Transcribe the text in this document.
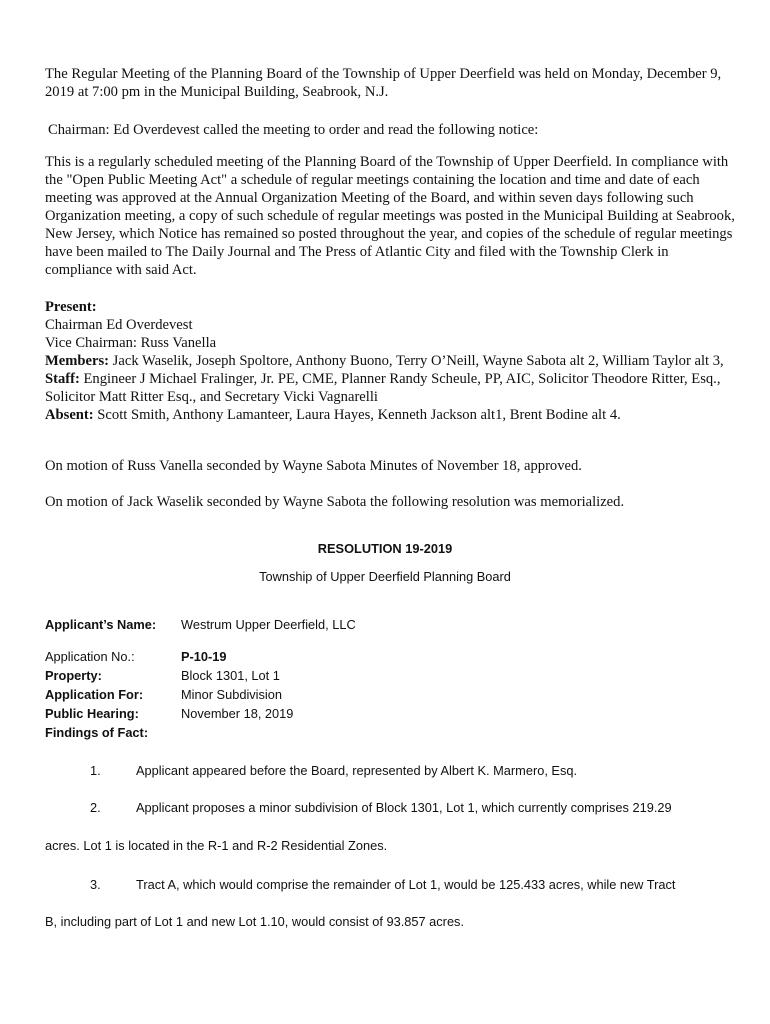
The Regular Meeting of the Planning Board of the Township of Upper Deerfield was held on Monday, December 9, 2019 at 7:00 pm in the Municipal Building, Seabrook, N.J.

Chairman: Ed Overdevest called the meeting to order and read the following notice:

This is a regularly scheduled meeting of the Planning Board of the Township of Upper Deerfield. In compliance with the "Open Public Meeting Act" a schedule of regular meetings containing the location and time and date of each meeting was approved at the Annual Organization Meeting of the Board, and within seven days following such Organization meeting, a copy of such schedule of regular meetings was posted in the Municipal Building at Seabrook, New Jersey, which Notice has remained so posted throughout the year, and copies of the schedule of regular meetings have been mailed to The Daily Journal and The Press of Atlantic City and filed with the Township Clerk in compliance with said Act.

Present:

Chairman Ed Overdevest

Vice Chairman: Russ Vanella

Members: Jack Waselik, Joseph Spoltore, Anthony Buono, Terry O’Neill, Wayne Sabota alt 2, William Taylor alt 3, Staff: Engineer J Michael Fralinger, Jr. PE, CME, Planner Randy Scheule, PP, AIC, Solicitor Theodore Ritter, Esq., Solicitor Matt Ritter Esq., and Secretary Vicki Vagnarelli

Absent: Scott Smith, Anthony Lamanteer, Laura Hayes, Kenneth Jackson alt1, Brent Bodine alt 4.

On motion of Russ Vanella seconded by Wayne Sabota Minutes of November 18, approved.

On motion of Jack Waselik seconded by Wayne Sabota the following resolution was memorialized.

RESOLUTION 19-2019

Township of Upper Deerfield Planning Board

Applicant’s Name: Westrum Upper Deerfield, LLC
Application No.:	P-10-19
Property:	Block 1301, Lot 1
Application For:	Minor Subdivision
Public Hearing:	November 18, 2019
Findings of Fact:
1.	Applicant appeared before the Board, represented by Albert K. Marmero, Esq.
2.	Applicant proposes a minor subdivision of Block 1301, Lot 1, which currently comprises 219.29
acres. Lot 1 is located in the R-1 and R-2 Residential Zones.
3.	Tract A, which would comprise the remainder of Lot 1, would be 125.433 acres, while new Tract
B, including part of Lot 1 and new Lot 1.10, would consist of 93.857 acres.
